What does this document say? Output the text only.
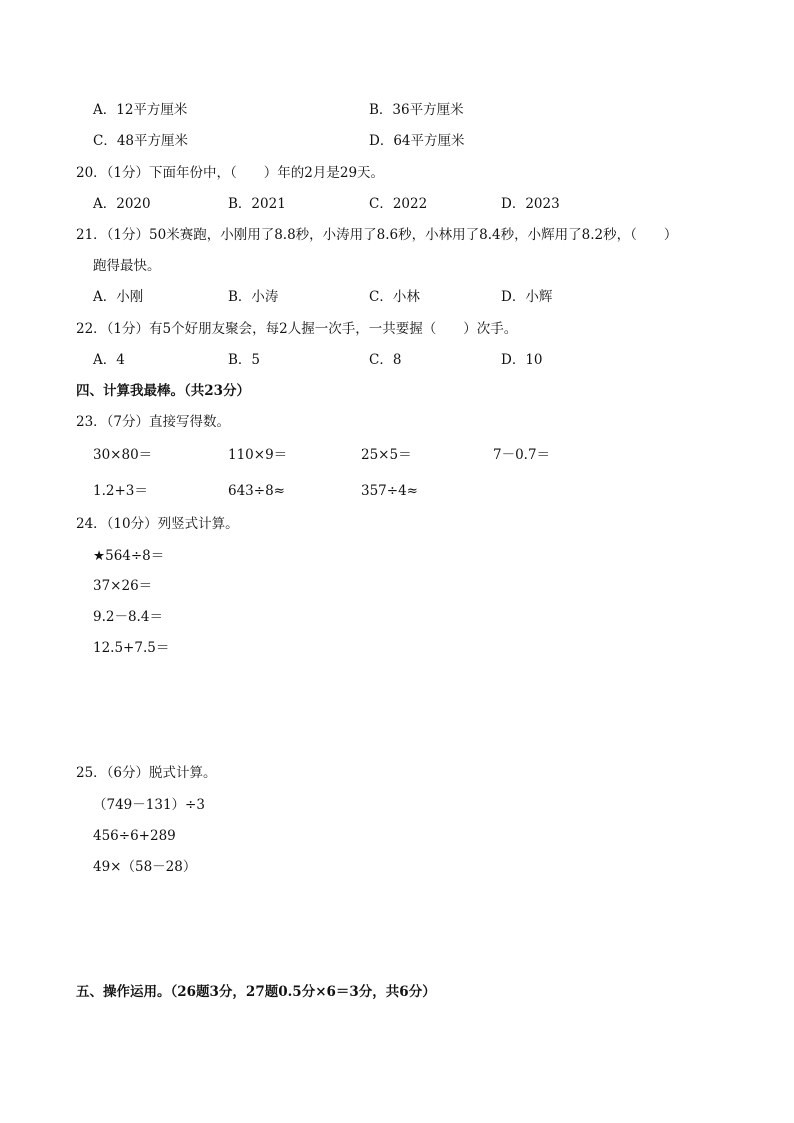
A．12平方厘米	B．36平方厘米
C．48平方厘米	D．64平方厘米
20．（1分）下面年份中，（　　）年的2月是29天。
A．2020	B．2021	C．2022	D．2023
21．（1分）50米赛跑，小刚用了8.8秒，小涛用了8.6秒，小林用了8.4秒，小辉用了8.2秒，（　　）
跑得最快。
A．小刚	B．小涛	C．小林	D．小辉
22．（1分）有5个好朋友聚会，每2人握一次手，一共要握（　　）次手。
A．4	B．5	C．8	D．10
四、计算我最棒。（共23分）
23．（7分）直接写得数。
30×80＝	110×9＝	25×5＝	7－0.7＝
1.2+3＝	643÷8≈	357÷4≈
24．（10分）列竖式计算。
★564÷8＝
37×26＝
9.2－8.4＝
12.5+7.5＝
25．（6分）脱式计算。
（749－131）÷3
456÷6+289
49×（58－28）
五、操作运用。（26题3分，27题0.5分×6＝3分，共6分）
